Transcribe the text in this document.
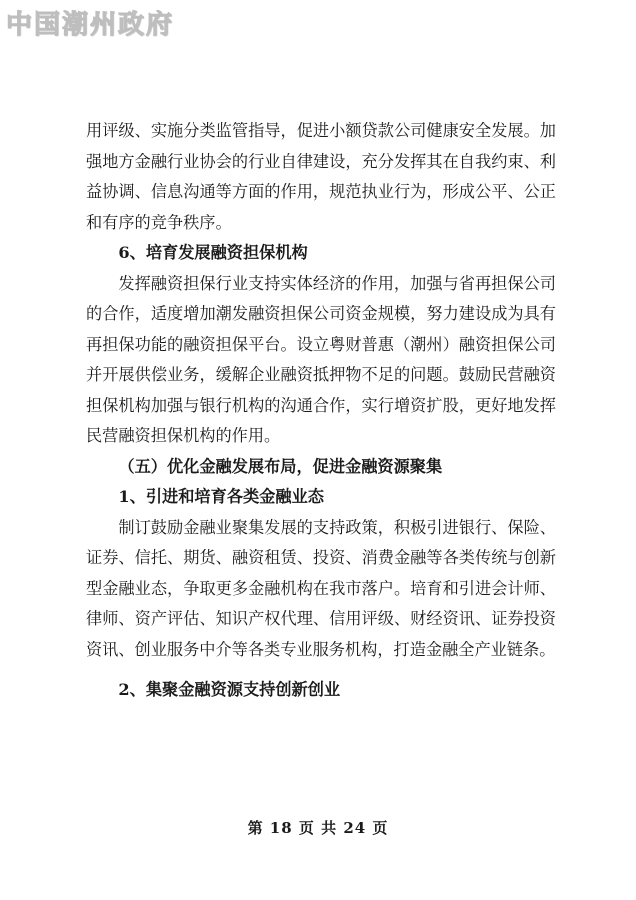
中国潮州政府

用评级、实施分类监管指导，促进小额贷款公司健康安全发展。加强地方金融行业协会的行业自律建设，充分发挥其在自我约束、利益协调、信息沟通等方面的作用，规范执业行为，形成公平、公正和有序的竞争秩序。

6、培育发展融资担保机构

发挥融资担保行业支持实体经济的作用，加强与省再担保公司的合作，适度增加潮发融资担保公司资金规模，努力建设成为具有再担保功能的融资担保平台。设立粤财普惠（潮州）融资担保公司并开展供偿业务，缓解企业融资抵押物不足的问题。鼓励民营融资担保机构加强与银行机构的沟通合作，实行增资扩股，更好地发挥民营融资担保机构的作用。

（五）优化金融发展布局，促进金融资源聚集

1、引进和培育各类金融业态

制订鼓励金融业聚集发展的支持政策，积极引进银行、保险、证券、信托、期货、融资租赁、投资、消费金融等各类传统与创新型金融业态，争取更多金融机构在我市落户。培育和引进会计师、律师、资产评估、知识产权代理、信用评级、财经资讯、证券投资资讯、创业服务中介等各类专业服务机构，打造金融全产业链条。

2、集聚金融资源支持创新创业

第 18 页 共 24 页
